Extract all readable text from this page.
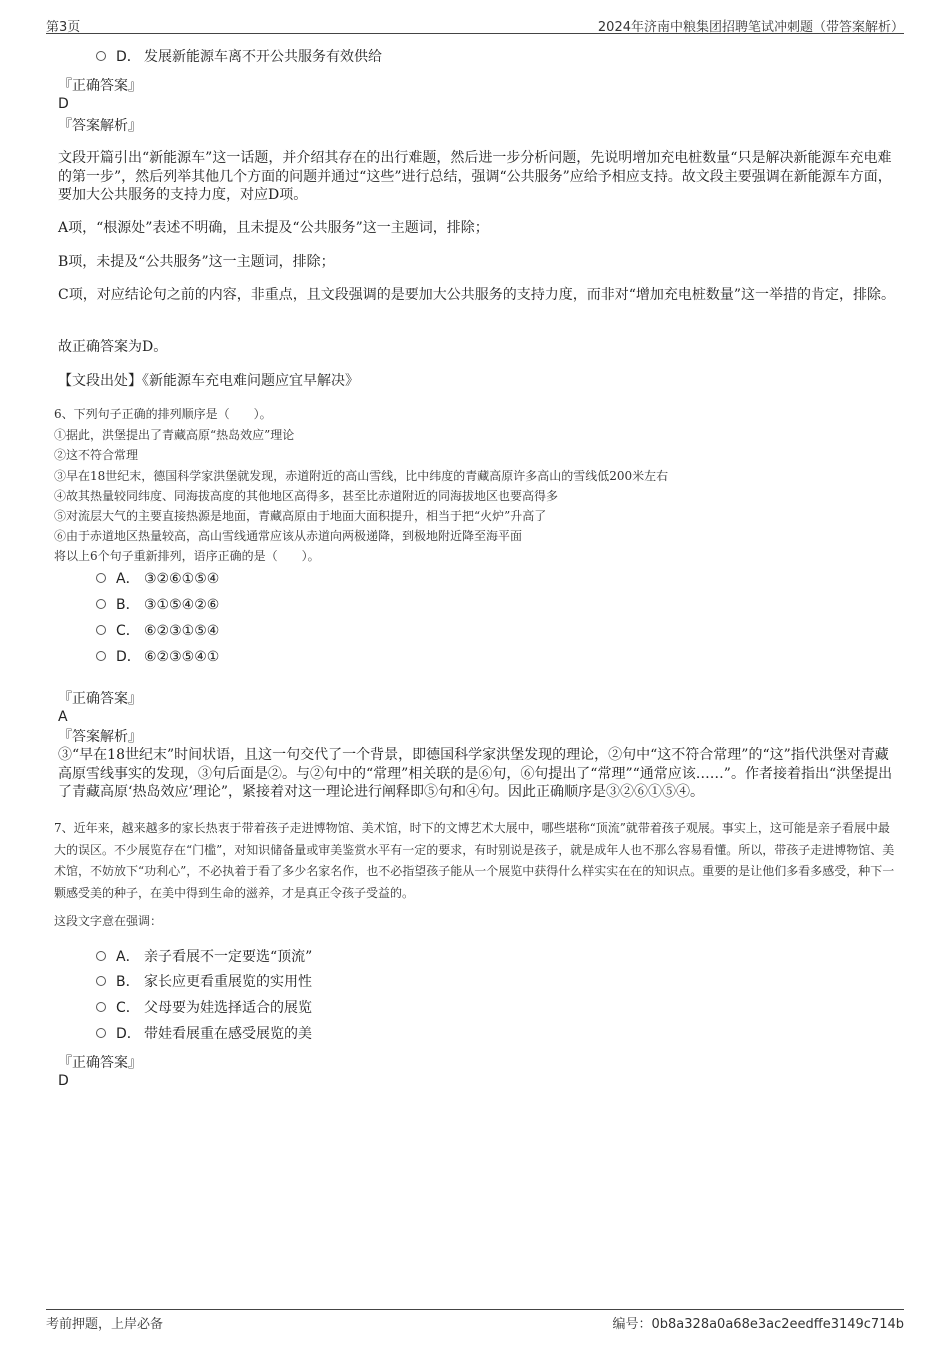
第3页	2024年济南中粮集团招聘笔试冲刺题（带答案解析）
D． 发展新能源车离不开公共服务有效供给
『正确答案』
D
『答案解析』
文段开篇引出“新能源车”这一话题，并介绍其存在的出行难题，然后进一步分析问题，先说明增加充电桩数量“只是解决新能源车充电难的第一步”，然后列举其他几个方面的问题并通过“这些”进行总结，强调“公共服务”应给予相应支持。故文段主要强调在新能源车方面，要加大公共服务的支持力度，对应D项。
A项，“根源处”表述不明确，且未提及“公共服务”这一主题词，排除；
B项，未提及“公共服务”这一主题词，排除；
C项，对应结论句之前的内容，非重点，且文段强调的是要加大公共服务的支持力度，而非对“增加充电桩数量”这一举措的肯定，排除。
故正确答案为D。
【文段出处】《新能源车充电难问题应宜早解决》
6、下列句子正确的排列顺序是（　　）。
①据此，洪堡提出了青藏高原“热岛效应”理论
②这不符合常理
③早在18世纪末，德国科学家洪堡就发现，赤道附近的高山雪线，比中纬度的青藏高原许多高山的雪线低200米左右
④故其热量较同纬度、同海拔高度的其他地区高得多，甚至比赤道附近的同海拔地区也要高得多
⑤对流层大气的主要直接热源是地面，青藏高原由于地面大面积提升，相当于把“火炉”升高了
⑥由于赤道地区热量较高，高山雪线通常应该从赤道向两极递降，到极地附近降至海平面
将以上6个句子重新排列，语序正确的是（　　）。
A． ③②⑥①⑤④
B． ③①⑤④②⑥
C． ⑥②③①⑤④
D． ⑥②③⑤④①
『正确答案』
A
『答案解析』
③“早在18世纪末”时间状语，且这一句交代了一个背景，即德国科学家洪堡发现的理论，②句中“这不符合常理”的“这”指代洪堡对青藏高原雪线事实的发现，③句后面是②。与②句中的“常理”相关联的是⑥句，⑥句提出了“常理”“通常应该……”。作者接着指出“洪堡提出了青藏高原‘热岛效应’理论”，紧接着对这一理论进行阐释即⑤句和④句。因此正确顺序是③②⑥①⑤④。
7、近年来，越来越多的家长热衷于带着孩子走进博物馆、美术馆，时下的文博艺术大展中，哪些堪称“顶流”就带着孩子观展。事实上，这可能是亲子看展中最大的误区。不少展览存在“门槛”，对知识储备量或审美鉴赏水平有一定的要求，有时别说是孩子，就是成年人也不那么容易看懂。所以，带孩子走进博物馆、美术馆，不妨放下“功利心”，不必执着于看了多少名家名作，也不必指望孩子能从一个展览中获得什么样实实在在的知识点。重要的是让他们多看多感受，种下一颗感受美的种子，在美中得到生命的滋养，才是真正令孩子受益的。
这段文字意在强调：
A． 亲子看展不一定要选“顶流”
B． 家长应更看重展览的实用性
C． 父母要为娃选择适合的展览
D． 带娃看展重在感受展览的美
『正确答案』
D
考前押题，上岸必备	编号：0b8a328a0a68e3ac2eedffe3149c714b
